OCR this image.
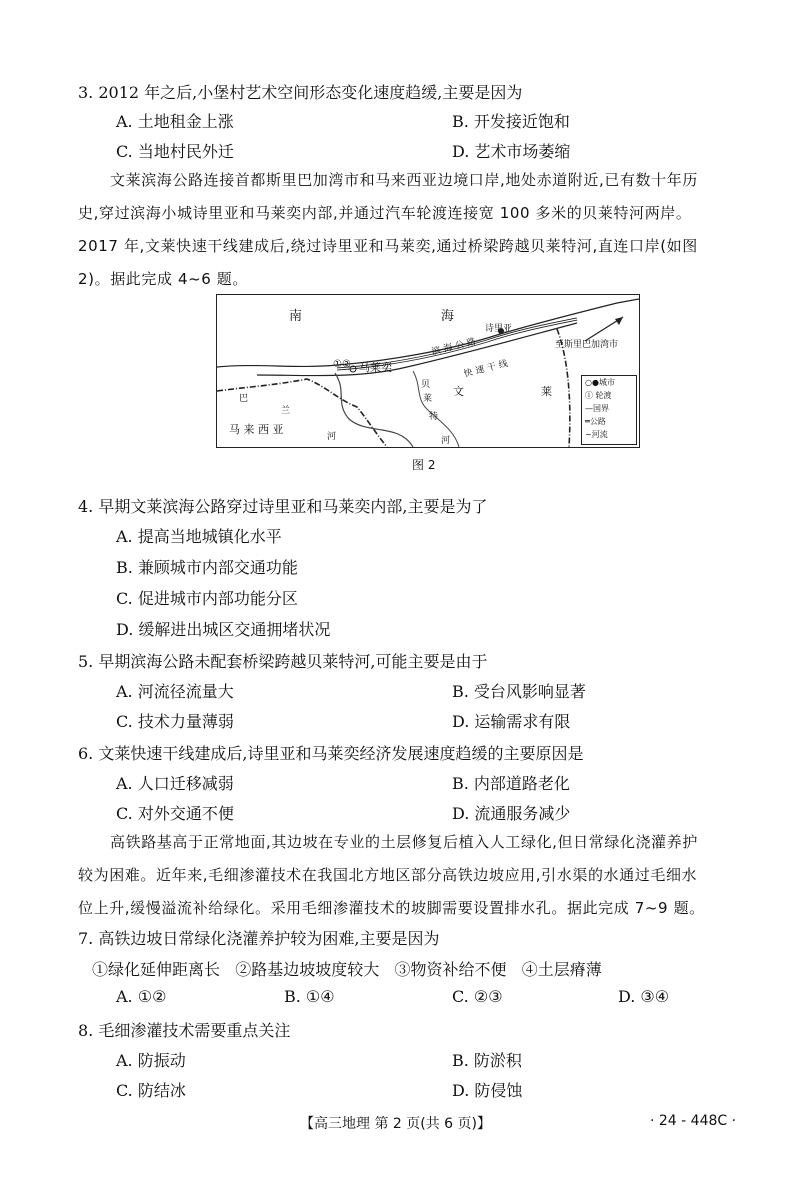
3. 2012 年之后,小堡村艺术空间形态变化速度趋缓,主要是因为
A. 土地租金上涨	B. 开发接近饱和
C. 当地村民外迁	D. 艺术市场萎缩
文莱滨海公路连接首都斯里巴加湾市和马来西亚边境口岸,地处赤道附近,已有数十年历
史,穿过滨海小城诗里亚和马莱奕内部,并通过汽车轮渡连接宽 100 多米的贝莱特河两岸。
2017 年,文莱快速干线建成后,绕过诗里亚和马莱奕,通过桥梁跨越贝莱特河,直连口岸(如图
2)。据此完成 4~6 题。
南	海
诗里亚
①② 马莱奕
至斯里巴加湾市
滨海公路
快速干线
文	莱
马 来 西 亚
贝
莱
特
河
巴
兰
河
○●城市
① 轮渡
—国界
═公路
~河流
图 2
4. 早期文莱滨海公路穿过诗里亚和马莱奕内部,主要是为了
A. 提高当地城镇化水平
B. 兼顾城市内部交通功能
C. 促进城市内部功能分区
D. 缓解进出城区交通拥堵状况
5. 早期滨海公路未配套桥梁跨越贝莱特河,可能主要是由于
A. 河流径流量大	B. 受台风影响显著
C. 技术力量薄弱	D. 运输需求有限
6. 文莱快速干线建成后,诗里亚和马莱奕经济发展速度趋缓的主要原因是
A. 人口迁移减弱	B. 内部道路老化
C. 对外交通不便	D. 流通服务减少
高铁路基高于正常地面,其边坡在专业的土层修复后植入人工绿化,但日常绿化浇灌养护
较为困难。近年来,毛细渗灌技术在我国北方地区部分高铁边坡应用,引水渠的水通过毛细水
位上升,缓慢溢流补给绿化。采用毛细渗灌技术的坡脚需要设置排水孔。据此完成 7~9 题。
7. 高铁边坡日常绿化浇灌养护较为困难,主要是因为
①绿化延伸距离长   ②路基边坡坡度较大   ③物资补给不便   ④土层瘠薄
A. ①②	B. ①④	C. ②③	D. ③④
8. 毛细渗灌技术需要重点关注
A. 防振动	B. 防淤积
C. 防结冰	D. 防侵蚀
【高三地理 第 2 页(共 6 页)】	· 24 - 448C ·
